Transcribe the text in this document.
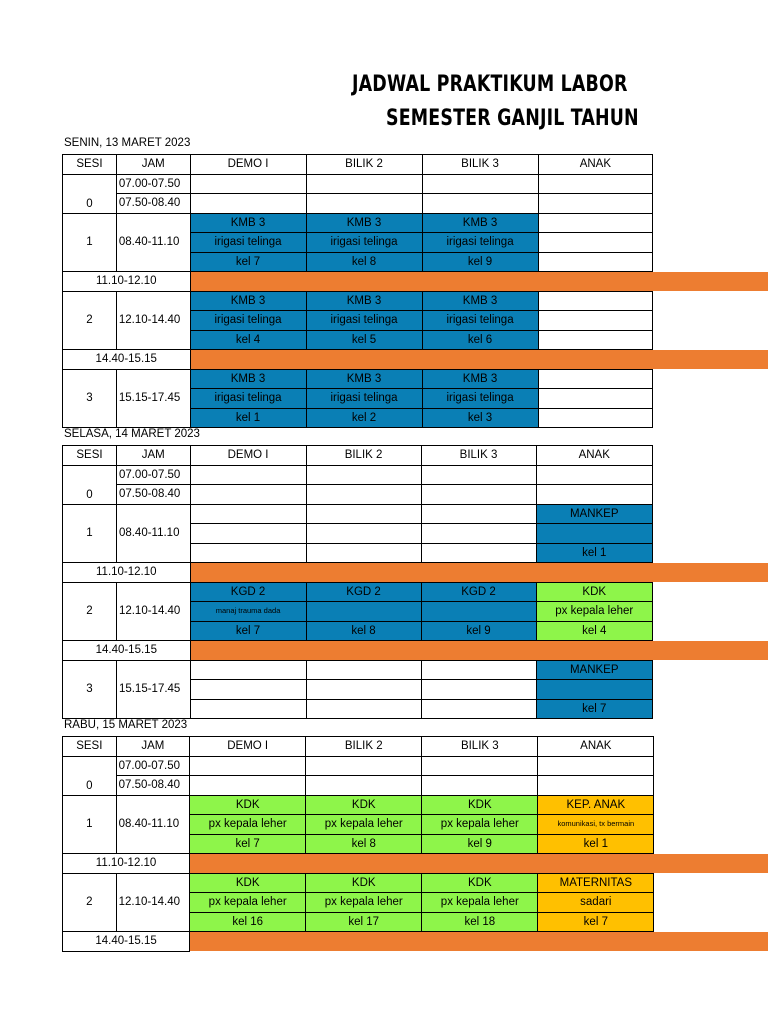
JADWAL PRAKTIKUM LABOR
SEMESTER GANJIL TAHUN
SENIN, 13 MARET 2023
SESI	JAM	DEMO I	BILIK 2	BILIK 3	ANAK	
0	07.00-07.50					
	07.50-08.40					
1	08.40-11.10	KMB 3	KMB 3	KMB 3		
		irigasi telinga	irigasi telinga	irigasi telinga		
		kel 7	kel 8	kel 9		
11.10-12.10						
2	12.10-14.40	KMB 3	KMB 3	KMB 3		
		irigasi telinga	irigasi telinga	irigasi telinga		
		kel 4	kel 5	kel 6		
14.40-15.15						
3	15.15-17.45	KMB 3	KMB 3	KMB 3		
		irigasi telinga	irigasi telinga	irigasi telinga		
		kel 1	kel 2	kel 3		
SELASA, 14 MARET 2023
SESI	JAM	DEMO I	BILIK 2	BILIK 3	ANAK	
0	07.00-07.50					
	07.50-08.40					
1	08.40-11.10				MANKEP	

					kel 1	
11.10-12.10						
2	12.10-14.40	KGD 2	KGD 2	KGD 2	KDK	
		manaj trauma dada			px kepala leher	
		kel 7	kel 8	kel 9	kel 4	
14.40-15.15						
3	15.15-17.45				MANKEP	

					kel 7	
RABU, 15 MARET 2023
SESI	JAM	DEMO I	BILIK 2	BILIK 3	ANAK	
0	07.00-07.50					
	07.50-08.40					
1	08.40-11.10	KDK	KDK	KDK	KEP. ANAK	
		px kepala leher	px kepala leher	px kepala leher	komunikasi, tx bermain	
		kel 7	kel 8	kel 9	kel 1	
11.10-12.10						
2	12.10-14.40	KDK	KDK	KDK	MATERNITAS	
		px kepala leher	px kepala leher	px kepala leher	sadari	
		kel 16	kel 17	kel 18	kel 7	
14.40-15.15						
